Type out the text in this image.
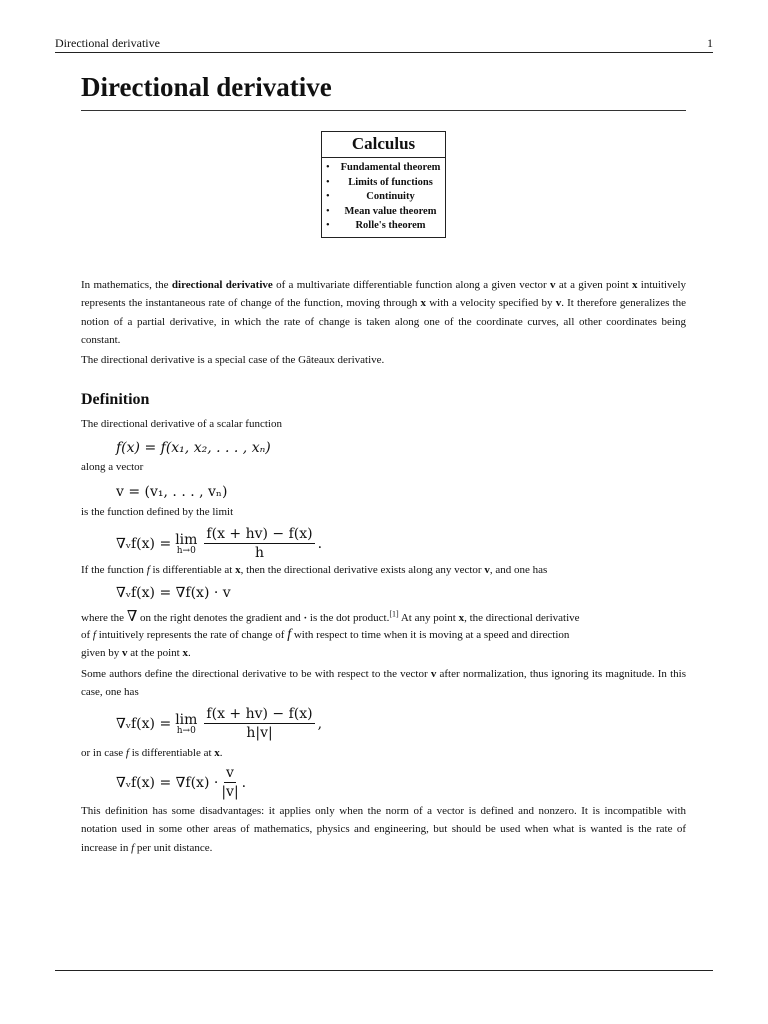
Directional derivative	1
Directional derivative
Calculus
• Fundamental theorem
• Limits of functions
•	Continuity
• Mean value theorem
• Rolle's theorem

In mathematics, the directional derivative of a multivariate differentiable function along a given vector v at a given point x intuitively represents the instantaneous rate of change of the function, moving through x with a velocity specified by v. It therefore generalizes the notion of a partial derivative, in which the rate of change is taken along one of the coordinate curves, all other coordinates being constant.

The directional derivative is a special case of the Gâteaux derivative.

Definition
The directional derivative of a scalar function
f(x) = f( x₁, x₂, . . . , xₙ )
along a vector
v = (v₁, . . . , vₙ)
is the function defined by the limit
∇ᵥf(x) = lim
$h\to 0 \frac{f(x + hv) - f(x)}{h}$ .
If the function f is differentiable at x, then the directional derivative exists along any vector v, and one has
∇ᵥf(x) = ∇f(x) · v
where the ∇ on the right denotes the gradient and · is the dot product.[1] At any point x, the directional derivative
of f intuitively represents the rate of change of f with respect to time when it is moving at a speed and direction
given by v at the point x.

Some authors define the directional derivative to be with respect to the vector v after normalization, thus ignoring its magnitude. In this case, one has

∇ᵥf(x) = lim
$h\to 0 \frac{f(x + hv) - f(x)}{h|v|}$ ,
or in case f is differentiable at x.
∇ᵥf(x) = $\nabla f(x) \cdot \frac{v}{|v|}$ .

This definition has some disadvantages: it applies only when the norm of a vector is defined and nonzero. It is incompatible with notation used in some other areas of mathematics, physics and engineering, but should be used when what is wanted is the rate of increase in f per unit distance.
